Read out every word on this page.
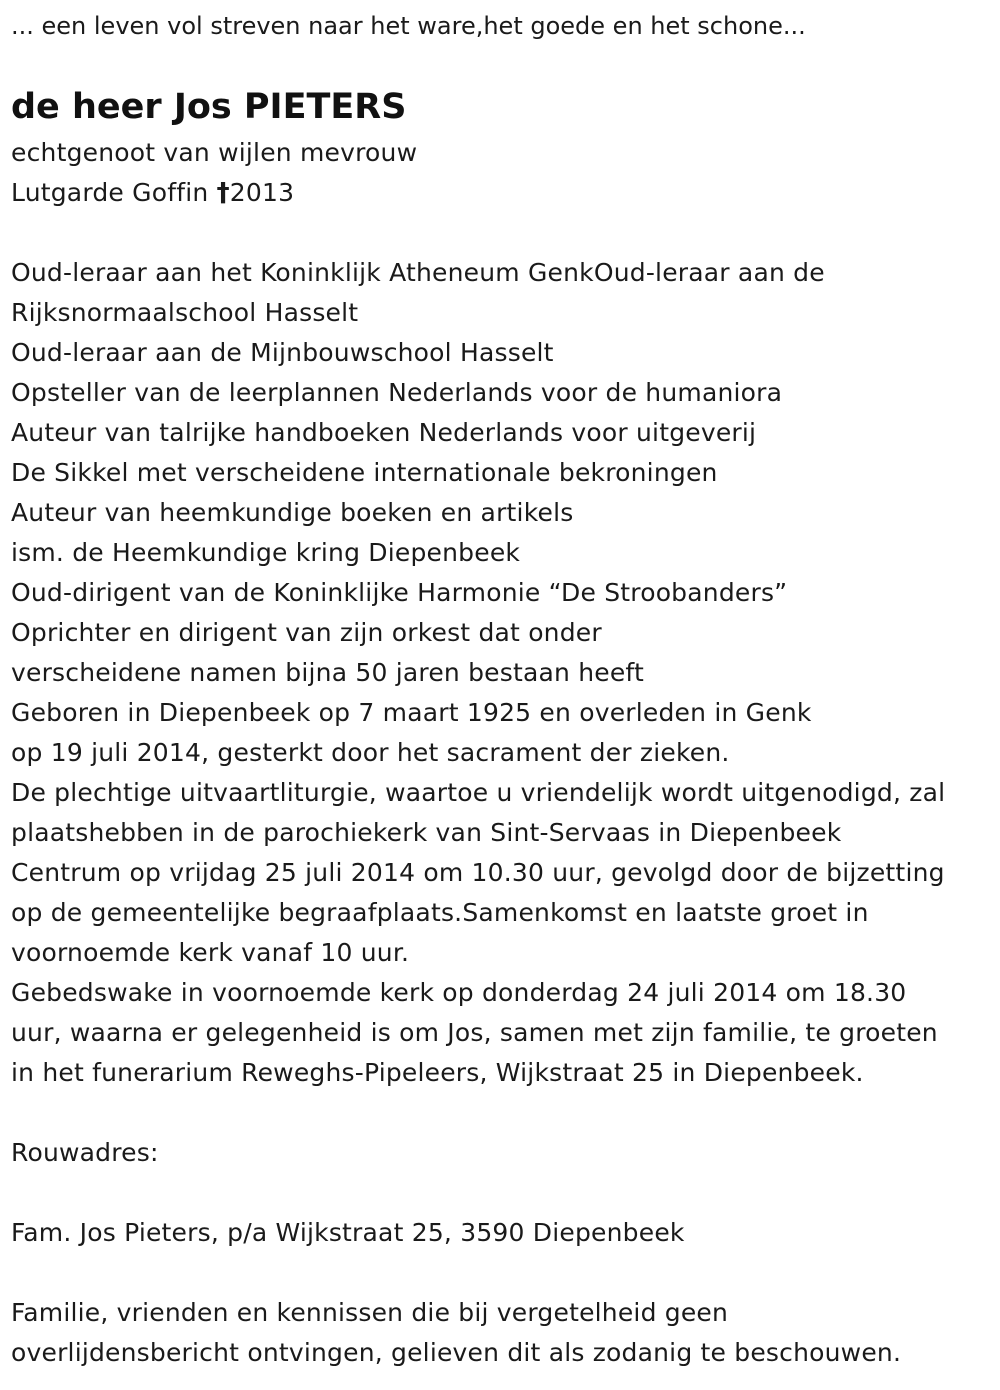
... een leven vol streven naar het ware,het goede en het schone...
de heer Jos PIETERS
echtgenoot van wijlen mevrouw
Lutgarde Goffin †2013
Oud-leraar aan het Koninklijk Atheneum GenkOud-leraar aan de
Rijksnormaalschool Hasselt
Oud-leraar aan de Mijnbouwschool Hasselt
Opsteller van de leerplannen Nederlands voor de humaniora
Auteur van talrijke handboeken Nederlands voor uitgeverij
De Sikkel met verscheidene internationale bekroningen
Auteur van heemkundige boeken en artikels
ism. de Heemkundige kring Diepenbeek
Oud-dirigent van de Koninklijke Harmonie “De Stroobanders”
Oprichter en dirigent van zijn orkest dat onder
verscheidene namen bijna 50 jaren bestaan heeft
Geboren in Diepenbeek op 7 maart 1925 en overleden in Genk
op 19 juli 2014, gesterkt door het sacrament der zieken.
De plechtige uitvaartliturgie, waartoe u vriendelijk wordt uitgenodigd, zal
plaatshebben in de parochiekerk van Sint-Servaas in Diepenbeek
Centrum op vrijdag 25 juli 2014 om 10.30 uur, gevolgd door de bijzetting
op de gemeentelijke begraafplaats.Samenkomst en laatste groet in
voornoemde kerk vanaf 10 uur.
Gebedswake in voornoemde kerk op donderdag 24 juli 2014 om 18.30
uur, waarna er gelegenheid is om Jos, samen met zijn familie, te groeten
in het funerarium Reweghs-Pipeleers, Wijkstraat 25 in Diepenbeek.
Rouwadres:
Fam. Jos Pieters, p/a Wijkstraat 25, 3590 Diepenbeek
Familie, vrienden en kennissen die bij vergetelheid geen
overlijdensbericht ontvingen, gelieven dit als zodanig te beschouwen.
